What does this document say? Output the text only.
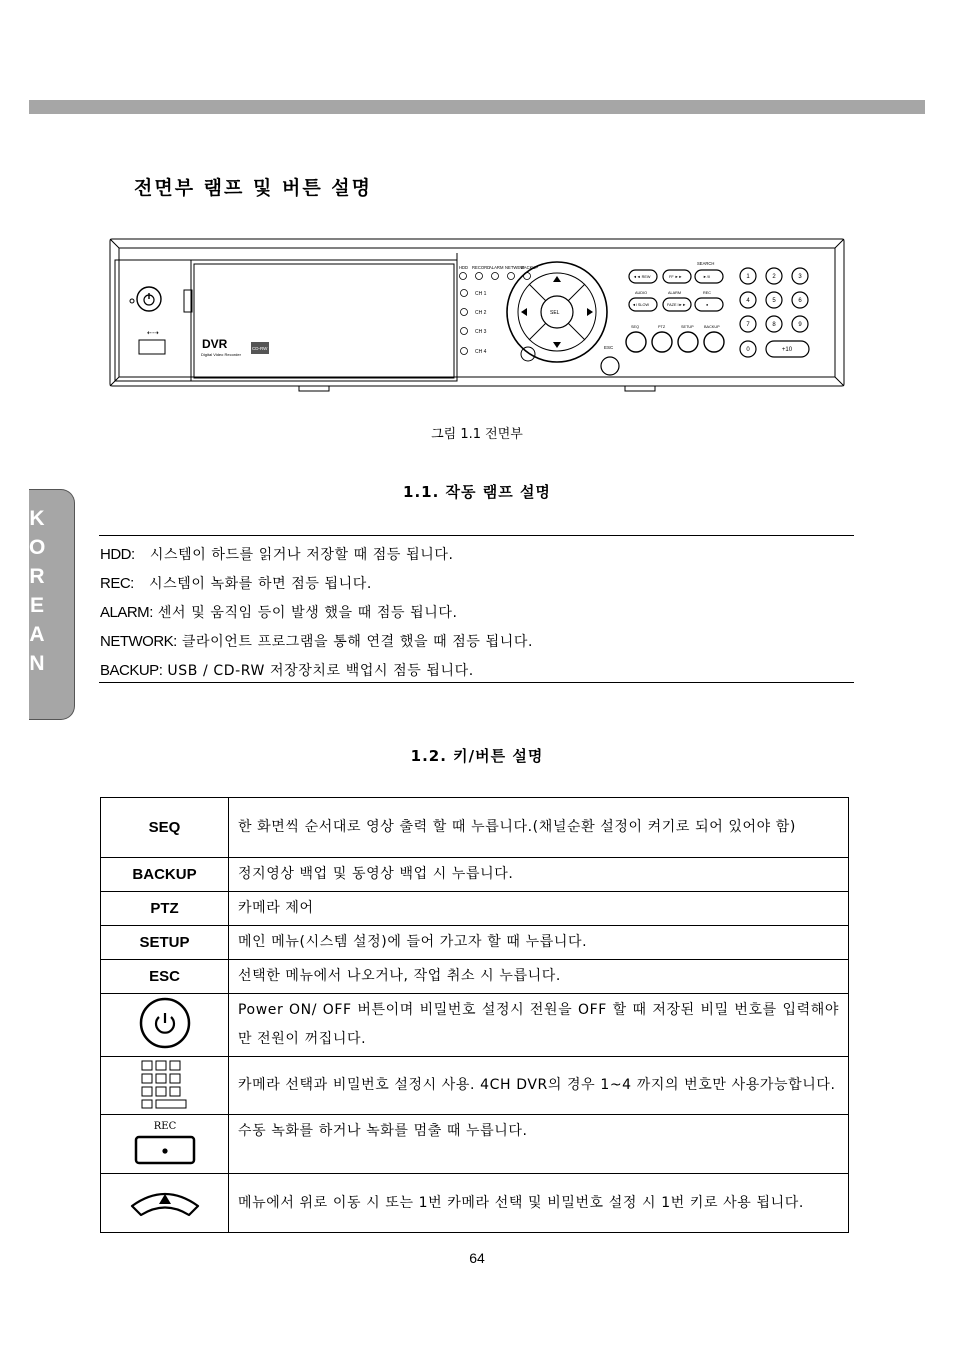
K
O
R
E
A
N
전면부 램프 및 버튼 설명
⇠⇢
DVR
Digital Video Recorder
CD-RW
HDD RECORD
ALARM NETWEW
BACKUP
CH 1
CH 2
CH 3
CH 4
SEL
ESC
SEARCH
◄◄ REW	FF ►►	►/II
AUDIO	ALARM	REC
◄I SLOW	FAZE I►►	●
SEQ	PTZ	SETUP	BACKUP
1	2	3
4	5	6
7	8	9
0	+10
그림 1.1 전면부
1.1. 작동 램프 설명
HDD:   시스템이 하드를 읽거나 저장할 때 점등 됩니다.
REC:   시스템이 녹화를 하면 점등 됩니다.
ALARM: 센서 및 움직임 등이 발생 했을 때 점등 됩니다.
NETWORK: 클라이언트 프로그램을 통해 연결 했을 때 점등 됩니다.
BACKUP: USB / CD-RW 저장장치로 백업시 점등 됩니다.
1.2. 키/버튼 설명
SEQ	한 화면씩 순서대로 영상 출력 할 때 누릅니다.(채널순환 설정이 켜기로 되어 있어야 함)
BACKUP	정지영상 백업 및 동영상 백업 시 누릅니다.
PTZ	카메라 제어
SETUP	메인 메뉴(시스템 설정)에 들어 가고자 할 때 누릅니다.
ESC	선택한 메뉴에서 나오거나, 작업 취소 시 누릅니다.
	Power ON/ OFF 버튼이며 비밀번호 설정시 전원을 OFF 할 때 저장된 비밀 번호를 입력해야만 전원이 꺼집니다.
	카메라 선택과 비밀번호 설정시 사용. 4CH DVR의 경우 1~4 까지의 번호만 사용가능합니다.

REC	수동 녹화를 하거나 녹화를 멈출 때 누릅니다.
	메뉴에서 위로 이동 시 또는 1번 카메라 선택 및 비밀번호 설정 시 1번 키로 사용 됩니다.
64
